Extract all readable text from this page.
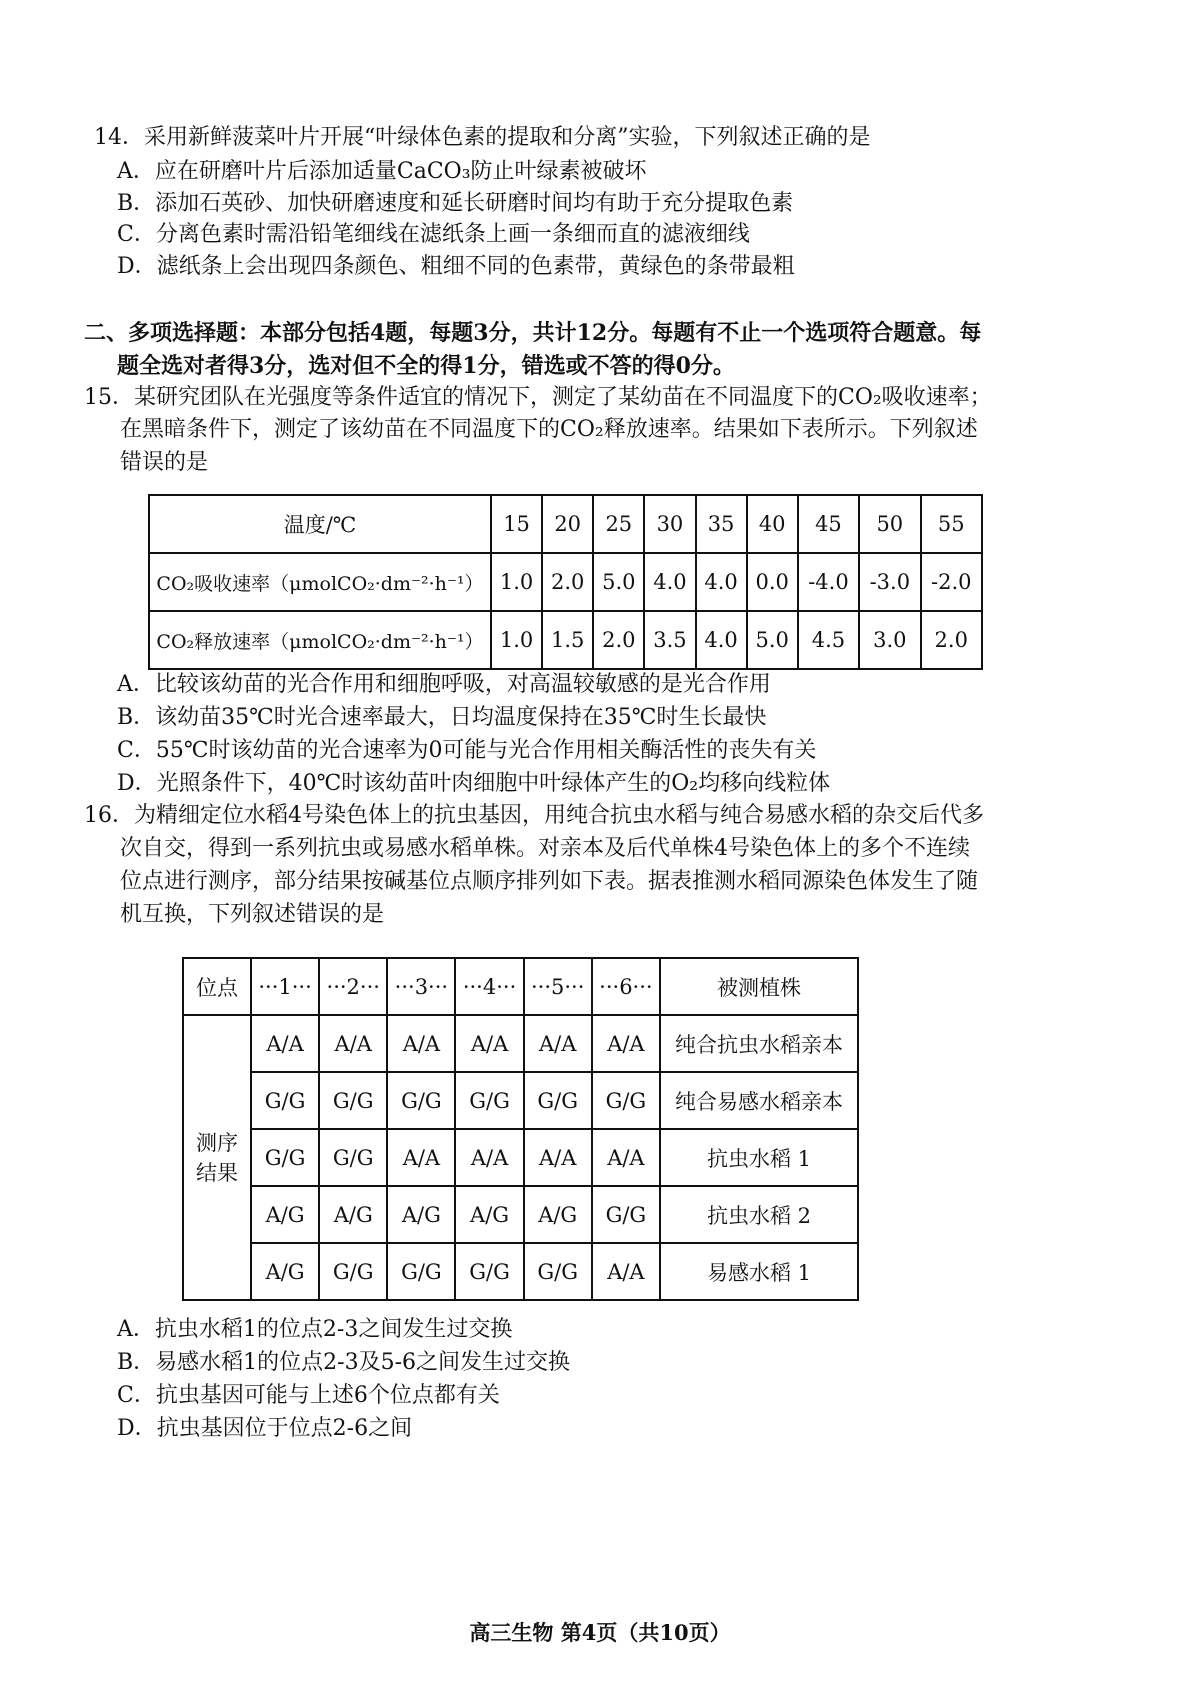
14．采用新鲜菠菜叶片开展“叶绿体色素的提取和分离”实验，下列叙述正确的是
A．应在研磨叶片后添加适量CaCO₃防止叶绿素被破坏
B．添加石英砂、加快研磨速度和延长研磨时间均有助于充分提取色素
C．分离色素时需沿铅笔细线在滤纸条上画一条细而直的滤液细线
D．滤纸条上会出现四条颜色、粗细不同的色素带，黄绿色的条带最粗
二、多项选择题：本部分包括4题，每题3分，共计12分。每题有不止一个选项符合题意。每
题全选对者得3分，选对但不全的得1分，错选或不答的得0分。
15．某研究团队在光强度等条件适宜的情况下，测定了某幼苗在不同温度下的CO₂吸收速率；
在黑暗条件下，测定了该幼苗在不同温度下的CO₂释放速率。结果如下表所示。下列叙述
错误的是
温度/℃	15	20	25	30	35	40	45	50	55
CO₂吸收速率（μmolCO₂·dm⁻²·h⁻¹）	1.0	2.0	5.0	4.0	4.0	0.0	-4.0	-3.0	-2.0
CO₂释放速率（μmolCO₂·dm⁻²·h⁻¹）	1.0	1.5	2.0	3.5	4.0	5.0	4.5	3.0	2.0
A．比较该幼苗的光合作用和细胞呼吸，对高温较敏感的是光合作用
B．该幼苗35℃时光合速率最大，日均温度保持在35℃时生长最快
C．55℃时该幼苗的光合速率为0可能与光合作用相关酶活性的丧失有关
D．光照条件下，40℃时该幼苗叶肉细胞中叶绿体产生的O₂均移向线粒体
16．为精细定位水稻4号染色体上的抗虫基因，用纯合抗虫水稻与纯合易感水稻的杂交后代多
次自交，得到一系列抗虫或易感水稻单株。对亲本及后代单株4号染色体上的多个不连续
位点进行测序，部分结果按碱基位点顺序排列如下表。据表推测水稻同源染色体发生了随
机互换，下列叙述错误的是
位点	···1···	···2···	···3···	···4···	···5···	···6···	被测植株
测序结果	A/A	A/A	A/A	A/A	A/A	A/A	纯合抗虫水稻亲本
	G/G	G/G	G/G	G/G	G/G	G/G	纯合易感水稻亲本
	G/G	G/G	A/A	A/A	A/A	A/A	抗虫水稻 1
	A/G	A/G	A/G	A/G	A/G	G/G	抗虫水稻 2
	A/G	G/G	G/G	G/G	G/G	A/A	易感水稻 1
A．抗虫水稻1的位点2-3之间发生过交换
B．易感水稻1的位点2-3及5-6之间发生过交换
C．抗虫基因可能与上述6个位点都有关
D．抗虫基因位于位点2-6之间
高三生物 第4页（共10页）
